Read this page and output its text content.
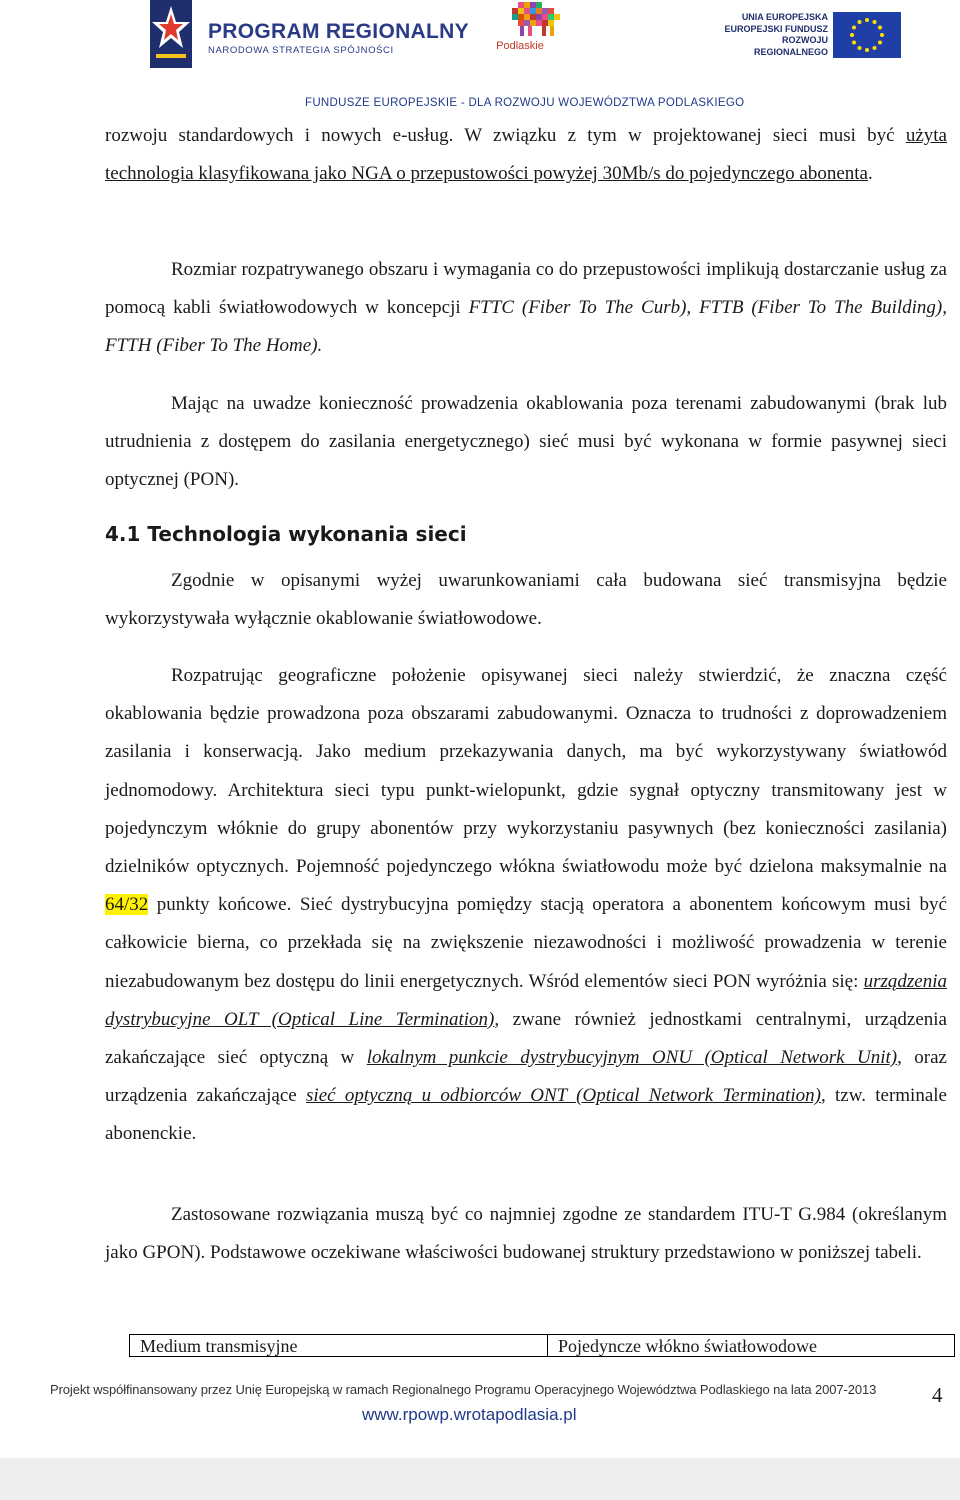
PROGRAM REGIONALNY
NARODOWA STRATEGIA SPÓJNOŚCI	Podlaskie
UNIA EUROPEJSKA
EUROPEJSKI FUNDUSZ
ROZWOJU REGIONALNEGO
FUNDUSZE EUROPEJSKIE - DLA ROZWOJU WOJEWÓDZTWA PODLASKIEGO

rozwoju standardowych i nowych e-usług. W związku z tym w projektowanej sieci musi być użyta technologia klasyfikowana jako NGA o przepustowości powyżej 30Mb/s do pojedynczego abonenta.

Rozmiar rozpatrywanego obszaru i wymagania co do przepustowości implikują dostarczanie usług za pomocą kabli światłowodowych w koncepcji FTTC (Fiber To The Curb), FTTB (Fiber To The Building), FTTH (Fiber To The Home).

Mając na uwadze konieczność prowadzenia okablowania poza terenami zabudowanymi (brak lub utrudnienia z dostępem do zasilania energetycznego) sieć musi być wykonana w formie pasywnej sieci optycznej (PON).

4.1 Technologia wykonania sieci

Zgodnie w opisanymi wyżej uwarunkowaniami cała budowana sieć transmisyjna będzie wykorzystywała wyłącznie okablowanie światłowodowe.

Rozpatrując geograficzne położenie opisywanej sieci należy stwierdzić, że znaczna część okablowania będzie prowadzona poza obszarami zabudowanymi. Oznacza to trudności z doprowadzeniem zasilania i konserwacją. Jako medium przekazywania danych, ma być wykorzystywany światłowód jednomodowy. Architektura sieci typu punkt-wielopunkt, gdzie sygnał optyczny transmitowany jest w pojedynczym włóknie do grupy abonentów przy wykorzystaniu pasywnych (bez konieczności zasilania) dzielników optycznych. Pojemność pojedynczego włókna światłowodu może być dzielona maksymalnie na 64/32 punkty końcowe. Sieć dystrybucyjna pomiędzy stacją operatora a abonentem końcowym musi być całkowicie bierna, co przekłada się na zwiększenie niezawodności i możliwość prowadzenia w terenie niezabudowanym bez dostępu do linii energetycznych. Wśród elementów sieci PON wyróżnia się: urządzenia dystrybucyjne OLT (Optical Line Termination), zwane również jednostkami centralnymi, urządzenia zakańczające sieć optyczną w lokalnym punkcie dystrybucyjnym ONU (Optical Network Unit), oraz urządzenia zakańczające sieć optyczną u odbiorców ONT (Optical Network Termination), tzw. terminale abonenckie.

Zastosowane rozwiązania muszą być co najmniej zgodne ze standardem ITU-T G.984 (określanym jako GPON). Podstawowe oczekiwane właściwości budowanej struktury przedstawiono w poniższej tabeli.

Medium transmisyjne	Pojedyncze włókno światłowodowe
Projekt współfinansowany przez Unię Europejską w ramach Regionalnego Programu Operacyjnego Województwa Podlaskiego na lata 2007-2013
www.rpowp.wrotapodlasia.pl
4
